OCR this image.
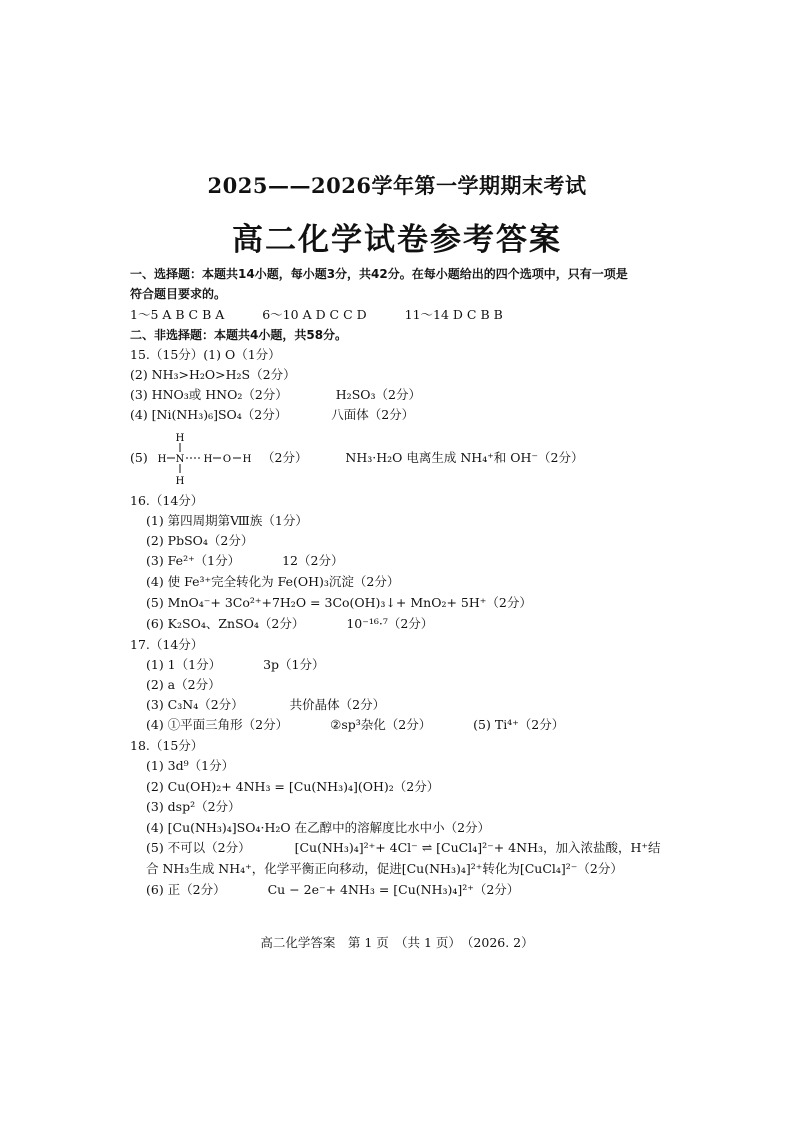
2025——2026学年第一学期期末考试
高二化学试卷参考答案
一、选择题：本题共14小题，每小题3分，共42分。在每小题给出的四个选项中，只有一项是
符合题目要求的。
1～5 A B C B A	6～10 A D C C D	11～14 D C B B
二、非选择题：本题共4小题，共58分。
15.（15分）(1) O（1分）
(2) NH₃>H₂O>H₂S（2分）
(3) HNO₃或 HNO₂（2分）	H₂SO₃（2分）
(4) [Ni(NH₃)₆]SO₄（2分）	八面体（2分）
(5)
H
H N H O H
H
（2分）	NH₃·H₂O 电离生成 NH₄⁺和 OH⁻（2分）
16.（14分）
(1) 第四周期第Ⅷ族（1分）
(2) PbSO₄（2分）
(3) Fe²⁺（1分）	12（2分）
(4) 使 Fe³⁺完全转化为 Fe(OH)₃沉淀（2分）
(5) MnO₄⁻+ 3Co²⁺+7H₂O = 3Co(OH)₃↓+ MnO₂+ 5H⁺（2分）
(6) K₂SO₄、ZnSO₄（2分）	10⁻¹⁶·⁷（2分）
17.（14分）
(1) 1（1分）	3p（1分）
(2) a（2分）
(3) C₃N₄（2分）	共价晶体（2分）
(4) ①平面三角形（2分）	②sp³杂化（2分）	(5) Ti⁴⁺（2分）
18.（15分）
(1) 3d⁹（1分）
(2) Cu(OH)₂+ 4NH₃ = [Cu(NH₃)₄](OH)₂（2分）
(3) dsp²（2分）
(4) [Cu(NH₃)₄]SO₄·H₂O 在乙醇中的溶解度比水中小（2分）
(5) 不可以（2分）	[Cu(NH₃)₄]²⁺+ 4Cl⁻ ⇌ [CuCl₄]²⁻+ 4NH₃，加入浓盐酸，H⁺结
合 NH₃生成 NH₄⁺，化学平衡正向移动，促进[Cu(NH₃)₄]²⁺转化为[CuCl₄]²⁻（2分）
(6) 正（2分）	Cu − 2e⁻+ 4NH₃ = [Cu(NH₃)₄]²⁺（2分）
高二化学答案　第 1 页　（共 1 页）　（2026. 2）
